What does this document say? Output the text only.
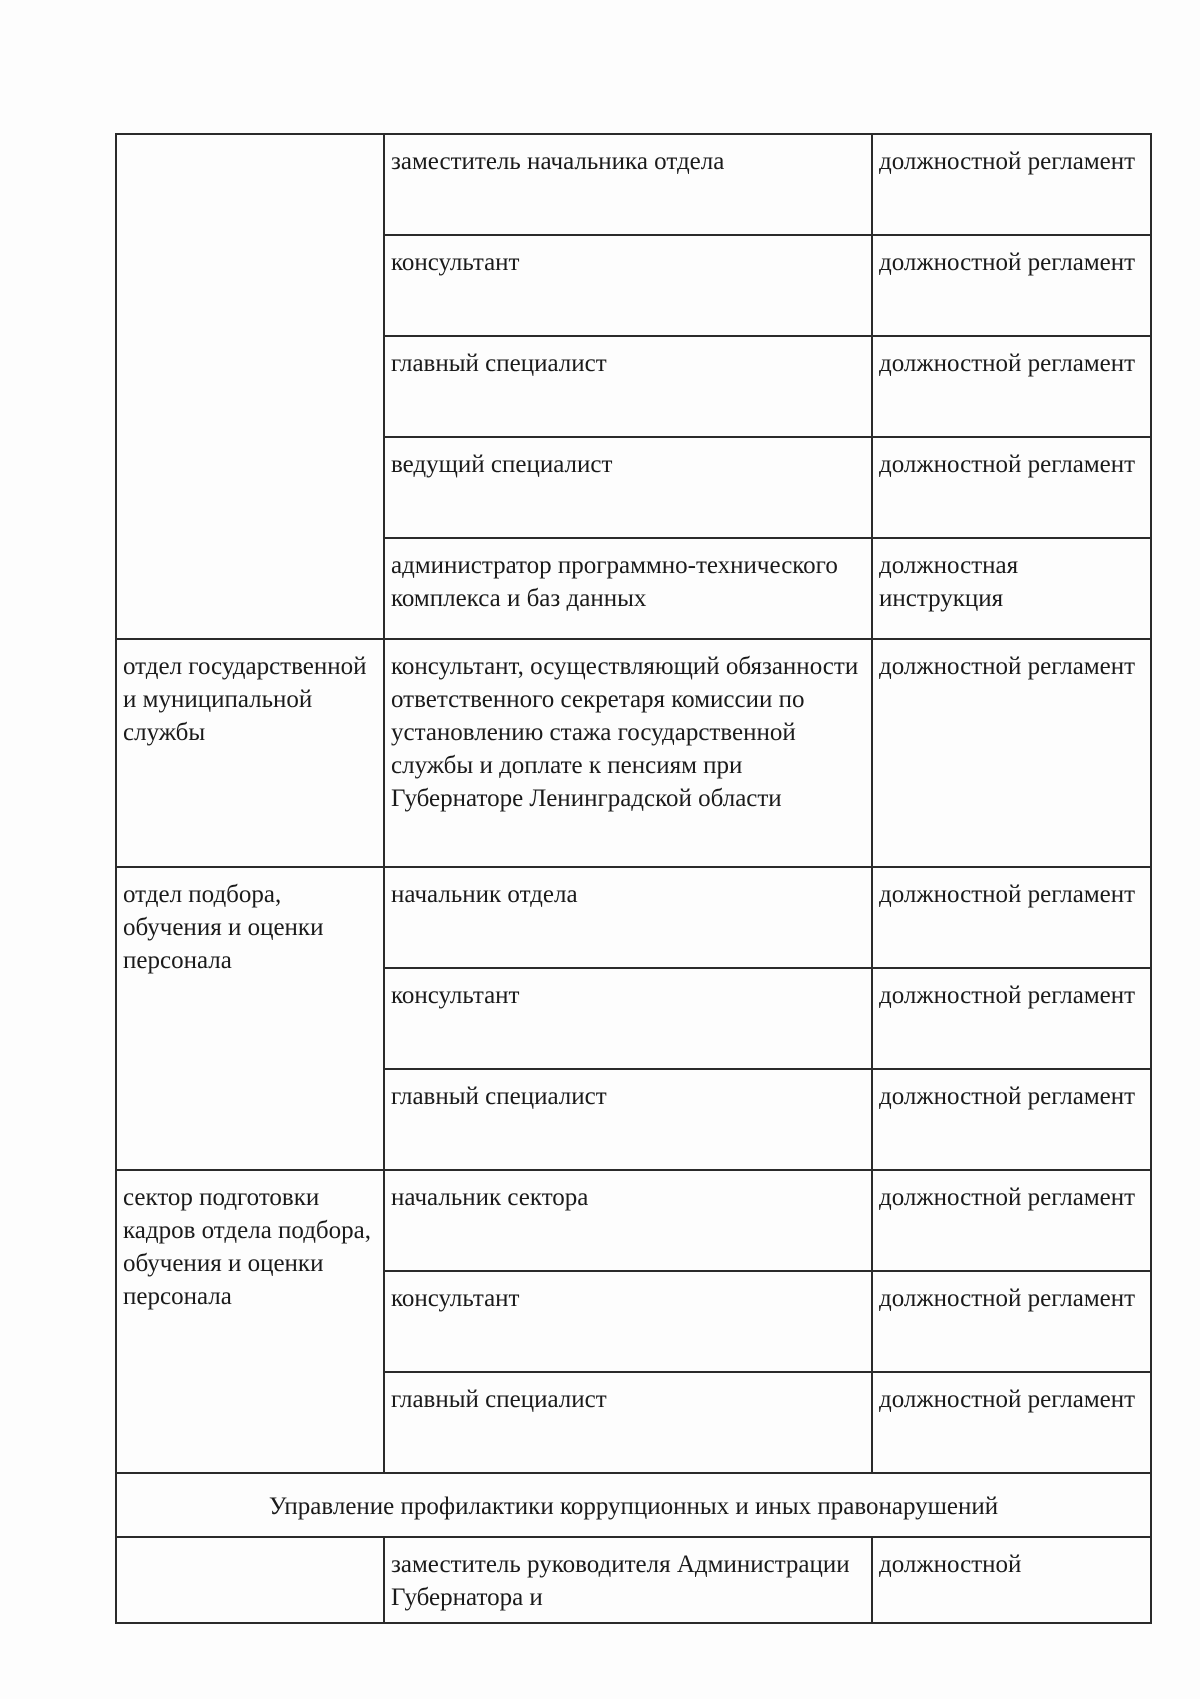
	заместитель начальника отдела	должностной регламент

	консультант	должностной регламент

	главный специалист	должностной регламент

	ведущий специалист	должностной регламент

	администратор программно-технического комплекса и баз данных	должностная инструкция

отдел государственной и муниципальной службы	консультант, осуществляющий обязанности ответственного секретаря комиссии по установлению стажа государственной службы и доплате к пенсиям при Губернаторе Ленинградской области	должностной регламент

отдел подбора, обучения и оценки персонала	начальник отдела	должностной регламент

	консультант	должностной регламент

	главный специалист	должностной регламент

сектор подготовки кадров отдела подбора, обучения и оценки персонала	начальник сектора	должностной регламент

	консультант	должностной регламент

	главный специалист	должностной регламент

Управление профилактики коррупционных и иных правонарушений		

	заместитель руководителя Администрации Губернатора и	должностной
